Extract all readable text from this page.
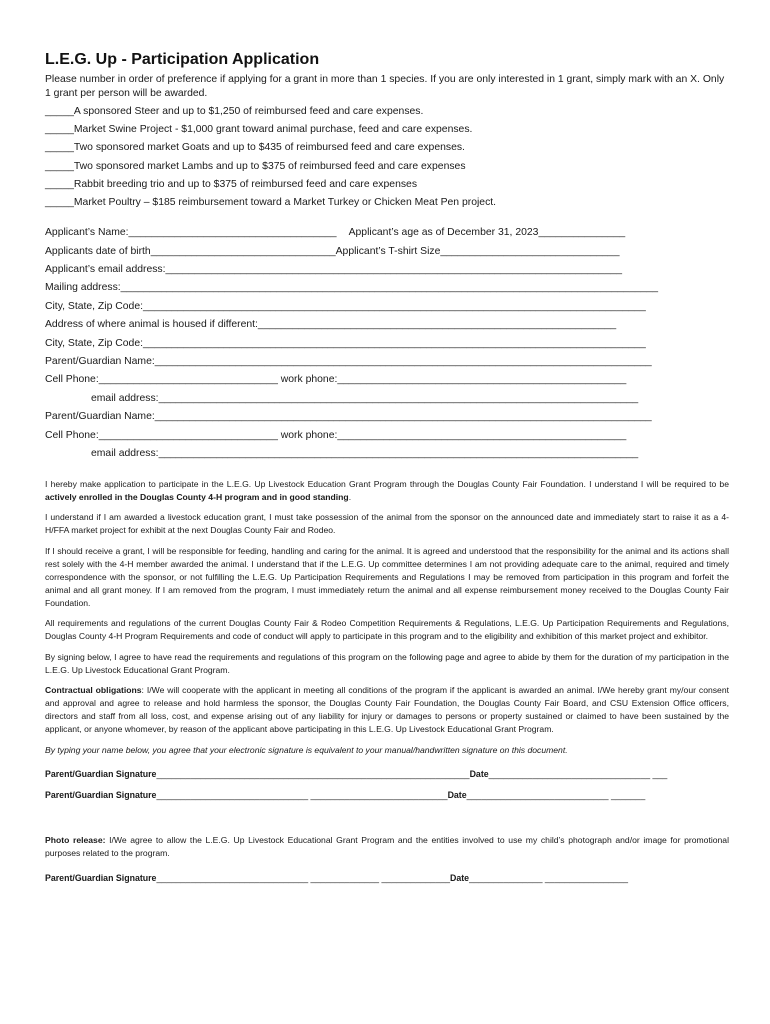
L.E.G. Up - Participation Application
Please number in order of preference if applying for a grant in more than 1 species. If you are only interested in 1 grant, simply mark with an X. Only 1 grant per person will be awarded.
_____A sponsored Steer and up to $1,250 of reimbursed feed and care expenses.
_____Market Swine Project - $1,000 grant toward animal purchase, feed and care expenses.
_____Two sponsored market Goats and up to $435 of reimbursed feed and care expenses.
_____Two sponsored market Lambs and up to $375 of reimbursed feed and care expenses
_____Rabbit breeding trio and up to $375 of reimbursed feed and care expenses
_____Market Poultry – $185 reimbursement toward a Market Turkey or Chicken Meat Pen project.
Applicant’s Name:____________________________________ Applicant’s age as of December 31, 2023_______________
Applicants date of birth________________________________Applicant’s T-shirt Size_______________________________
Applicant’s email address:_______________________________________________________________________________
Mailing address:_____________________________________________________________________________________________
City, State, Zip Code:_______________________________________________________________________________________
Address of where animal is housed if different:______________________________________________________________
City, State, Zip Code:_______________________________________________________________________________________
Parent/Guardian Name:______________________________________________________________________________________
Cell Phone:_______________________________ work phone:__________________________________________________
email address:___________________________________________________________________________________
Parent/Guardian Name:______________________________________________________________________________________
Cell Phone:_______________________________ work phone:__________________________________________________
email address:___________________________________________________________________________________

I hereby make application to participate in the L.E.G. Up Livestock Education Grant Program through the Douglas County Fair Foundation. I understand I will be required to be actively enrolled in the Douglas County 4-H program and in good standing.

I understand if I am awarded a livestock education grant, I must take possession of the animal from the sponsor on the announced date and immediately start to raise it as a 4-H/FFA market project for exhibit at the next Douglas County Fair and Rodeo.

If I should receive a grant, I will be responsible for feeding, handling and caring for the animal. It is agreed and understood that the responsibility for the animal and its actions shall rest solely with the 4-H member awarded the animal. I understand that if the L.E.G. Up committee determines I am not providing adequate care to the animal, required and timely correspondence with the sponsor, or not fulfilling the L.E.G. Up Participation Requirements and Regulations I may be removed from participation in this program and forfeit the animal and all grant money. If I am removed from the program, I must immediately return the animal and all expense reimbursement money received to the Douglas County Fair Foundation.

All requirements and regulations of the current Douglas County Fair & Rodeo Competition Requirements & Regulations, L.E.G. Up Participation Requirements and Regulations, Douglas County 4-H Program Requirements and code of conduct will apply to participate in this program and to the eligibility and exhibition of this market project and exhibitor.

By signing below, I agree to have read the requirements and regulations of this program on the following page and agree to abide by them for the duration of my participation in the L.E.G. Up Livestock Educational Grant Program.

Contractual obligations: I/We will cooperate with the applicant in meeting all conditions of the program if the applicant is awarded an animal. I/We hereby grant my/our consent and approval and agree to release and hold harmless the sponsor, the Douglas County Fair Foundation, the Douglas County Fair Board, and CSU Extension Office officers, directors and staff from all loss, cost, and expense arising out of any liability for injury or damages to persons or property sustained or claimed to have been sustained by the applicant, or anyone whomever, by reason of the applicant above participating in this L.E.G. Up Livestock Educational Grant Program.

By typing your name below, you agree that your electronic signature is equivalent to your manual/handwritten signature on this document.

Parent/Guardian Signature________________________________________________________________Date_________________________________ ___
Parent/Guardian Signature_______________________________ ____________________________Date_____________________________ _______

Photo release: I/We agree to allow the L.E.G. Up Livestock Educational Grant Program and the entities involved to use my child’s photograph and/or image for promotional purposes related to the program.

Parent/Guardian Signature_______________________________ ______________ ______________Date_______________ _________________
